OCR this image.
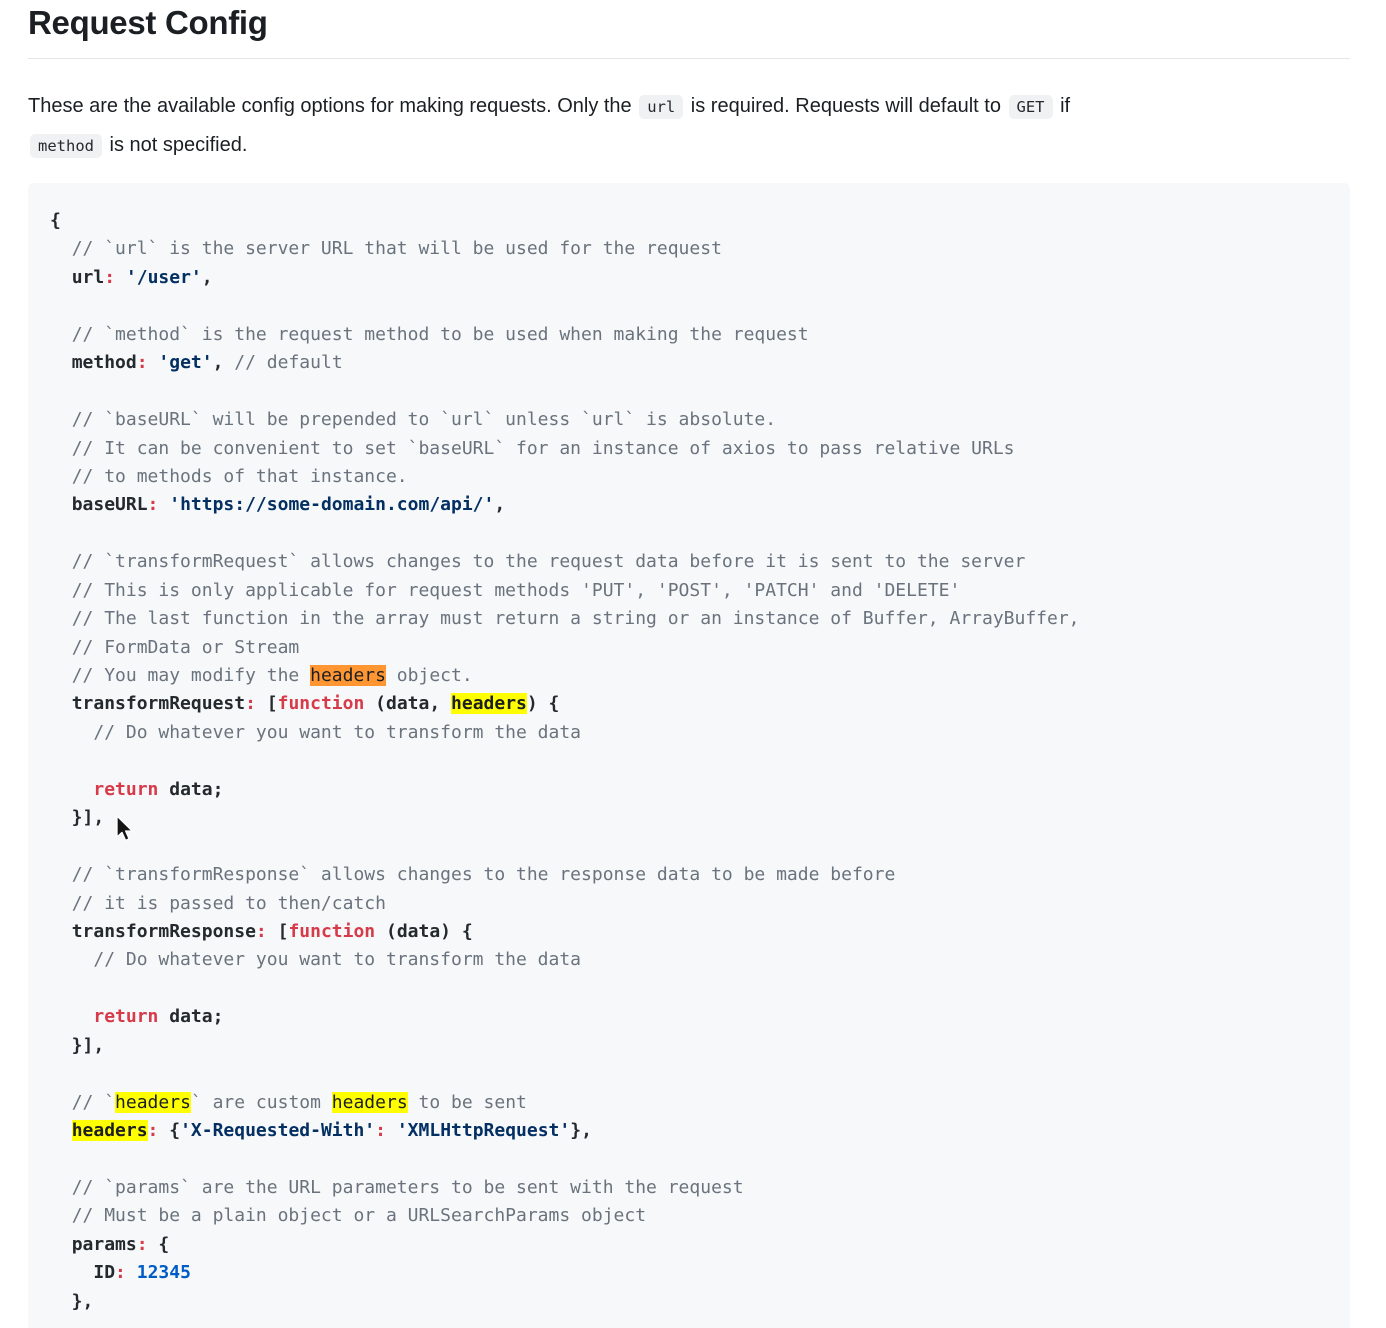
Request Config

These are the available config options for making requests. Only the url is required. Requests will default to GET if
method is not specified.

{
// `url` is the server URL that will be used for the request
url: '/user',

// `method` is the request method to be used when making the request
method: 'get', // default

// `baseURL` will be prepended to `url` unless `url` is absolute.
// It can be convenient to set `baseURL` for an instance of axios to pass relative URLs
// to methods of that instance.
baseURL: 'https://some-domain.com/api/',

// `transformRequest` allows changes to the request data before it is sent to the server
// This is only applicable for request methods 'PUT', 'POST', 'PATCH' and 'DELETE'
// The last function in the array must return a string or an instance of Buffer, ArrayBuffer,
// FormData or Stream
// You may modify the headers object.
transformRequest: [function (data, headers) {
// Do whatever you want to transform the data

return data;
}],

// `transformResponse` allows changes to the response data to be made before
// it is passed to then/catch
transformResponse: [function (data) {
// Do whatever you want to transform the data

return data;
}],

// `headers` are custom headers to be sent
headers: {'X-Requested-With': 'XMLHttpRequest'},

// `params` are the URL parameters to be sent with the request
// Must be a plain object or a URLSearchParams object
params: {
ID: 12345
},
